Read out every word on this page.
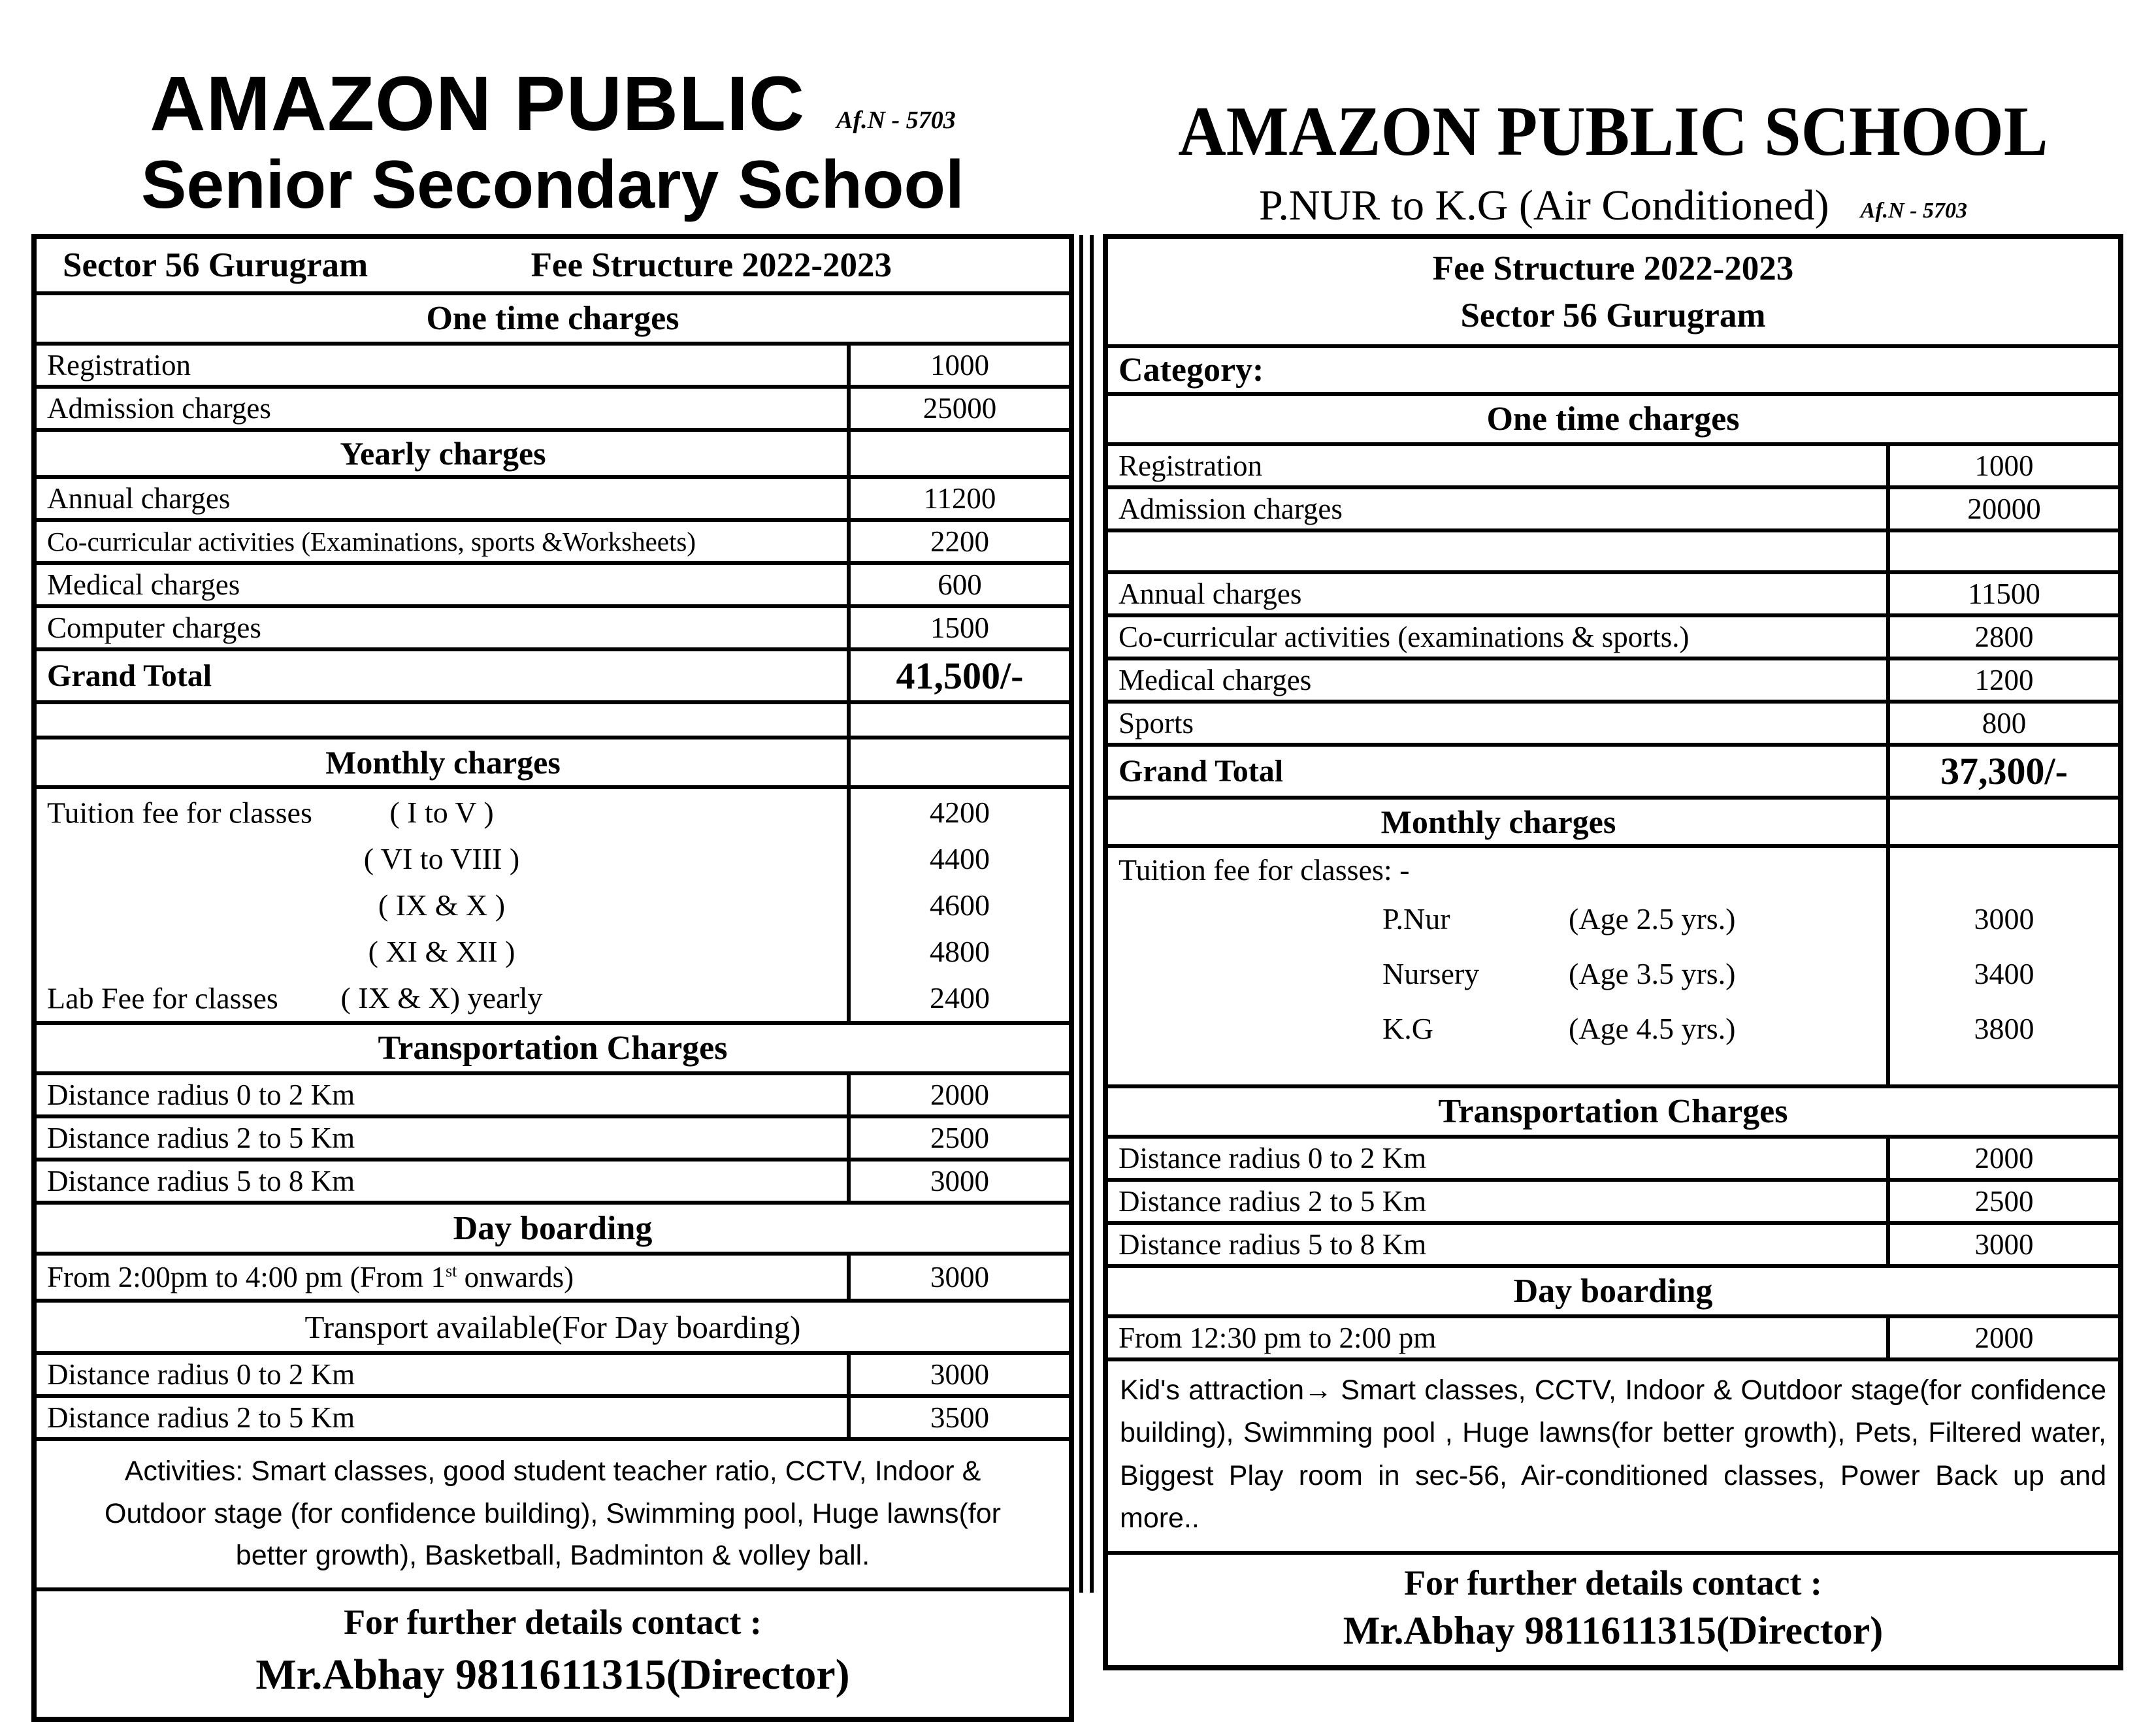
AMAZON PUBLIC Af.N - 5703
Senior Secondary School
Sector 56 Gurugram	Fee Structure 2022-2023
One time charges
Registration	1000
Admission charges	25000
Yearly charges
Annual charges	11200
Co-curricular activities (Examinations, sports &Worksheets)	2200
Medical charges	600
Computer charges	1500
Grand Total	41,500/-
Monthly charges
Tuition fee for classes	( I to V )	4200
( VI to VIII )	4400
( IX & X )	4600
( XI & XII )	4800
Lab Fee for classes ( IX & X) yearly	2400
Transportation Charges
Distance radius 0 to 2 Km	2000
Distance radius 2 to 5 Km	2500
Distance radius 5 to 8 Km	3000
Day boarding
From 2:00pm to 4:00 pm (From 1st onwards)	3000
Transport available(For Day boarding)
Distance radius 0 to 2 Km	3000
Distance radius 2 to 5 Km	3500
Activities: Smart classes, good student teacher ratio, CCTV, Indoor & Outdoor stage (for confidence building), Swimming pool, Huge lawns(for better growth), Basketball, Badminton & volley ball.
For further details contact :
Mr.Abhay 9811611315(Director)
AMAZON PUBLIC SCHOOL
P.NUR to K.G (Air Conditioned) Af.N - 5703
Fee Structure 2022-2023
Sector 56 Gurugram
Category:
One time charges
Registration	1000
Admission charges	20000
Annual charges	11500
Co-curricular activities (examinations & sports.)	2800
Medical charges	1200
Sports	800
Grand Total	37,300/-
Monthly charges
Tuition fee for classes: -
P.Nur	(Age 2.5 yrs.)	3000
Nursery	(Age 3.5 yrs.)	3400
K.G	(Age 4.5 yrs.)	3800
Transportation Charges
Distance radius 0 to 2 Km	2000
Distance radius 2 to 5 Km	2500
Distance radius 5 to 8 Km	3000
Day boarding
From 12:30 pm to 2:00 pm	2000
Kid's attraction→ Smart classes, CCTV, Indoor & Outdoor stage(for confidence building), Swimming pool , Huge lawns(for better growth), Pets, Filtered water, Biggest Play room in sec-56, Air-conditioned classes, Power Back up and more..
For further details contact :
Mr.Abhay 9811611315(Director)
